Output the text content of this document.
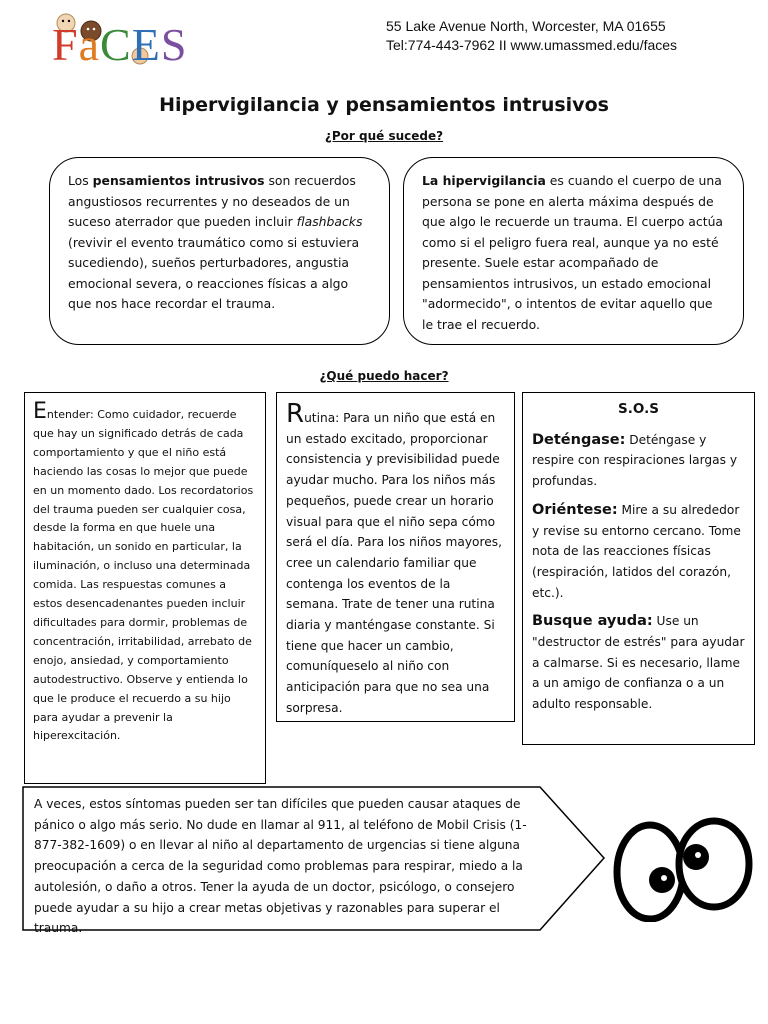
FaCES	55 Lake Avenue North, Worcester, MA 01655
Tel:774-443-7962 II www.umassmed.edu/faces
Hipervigilancia y pensamientos intrusivos
¿Por qué sucede?
Los pensamientos intrusivos son recuerdos angustiosos recurrentes y no deseados de un suceso aterrador que pueden incluir flashbacks (revivir el evento traumático como si estuviera sucediendo), sueños perturbadores, angustia emocional severa, o reacciones físicas a algo que nos hace recordar el trauma.
La hipervigilancia es cuando el cuerpo de una persona se pone en alerta máxima después de que algo le recuerde un trauma. El cuerpo actúa como si el peligro fuera real, aunque ya no esté presente. Suele estar acompañado de pensamientos intrusivos, un estado emocional "adormecido", o intentos de evitar aquello que le trae el recuerdo.
¿Qué puedo hacer?
Entender: Como cuidador, recuerde que hay un significado detrás de cada comportamiento y que el niño está haciendo las cosas lo mejor que puede en un momento dado. Los recordatorios del trauma pueden ser cualquier cosa, desde la forma en que huele una habitación, un sonido en particular, la iluminación, o incluso una determinada comida. Las respuestas comunes a estos desencadenantes pueden incluir dificultades para dormir, problemas de concentración, irritabilidad, arrebato de enojo, ansiedad, y comportamiento autodestructivo. Observe y entienda lo que le produce el recuerdo a su hijo para ayudar a prevenir la hiperexcitación.
Rutina: Para un niño que está en un estado excitado, proporcionar consistencia y previsibilidad puede ayudar mucho. Para los niños más pequeños, puede crear un horario visual para que el niño sepa cómo será el día. Para los niños mayores, cree un calendario familiar que contenga los eventos de la semana. Trate de tener una rutina diaria y manténgase constante. Si tiene que hacer un cambio, comuníqueselo al niño con anticipación para que no sea una sorpresa.
S.O.S
Deténgase: Deténgase y respire con respiraciones largas y profundas.
Oriéntese: Mire a su alrededor y revise su entorno cercano. Tome nota de las reacciones físicas (respiración, latidos del corazón, etc.).
Busque ayuda: Use un "destructor de estrés" para ayudar a calmarse. Si es necesario, llame a un amigo de confianza o a un adulto responsable.
A veces, estos síntomas pueden ser tan difíciles que pueden causar ataques de pánico o algo más serio. No dude en llamar al 911, al teléfono de Mobil Crisis (1-877-382-1609) o en llevar al niño al departamento de urgencias si tiene alguna preocupación a cerca de la seguridad como problemas para respirar, miedo a la autolesión, o daño a otros. Tener la ayuda de un doctor, psicólogo, o consejero puede ayudar a su hijo a crear metas objetivas y razonables para superar el trauma.
